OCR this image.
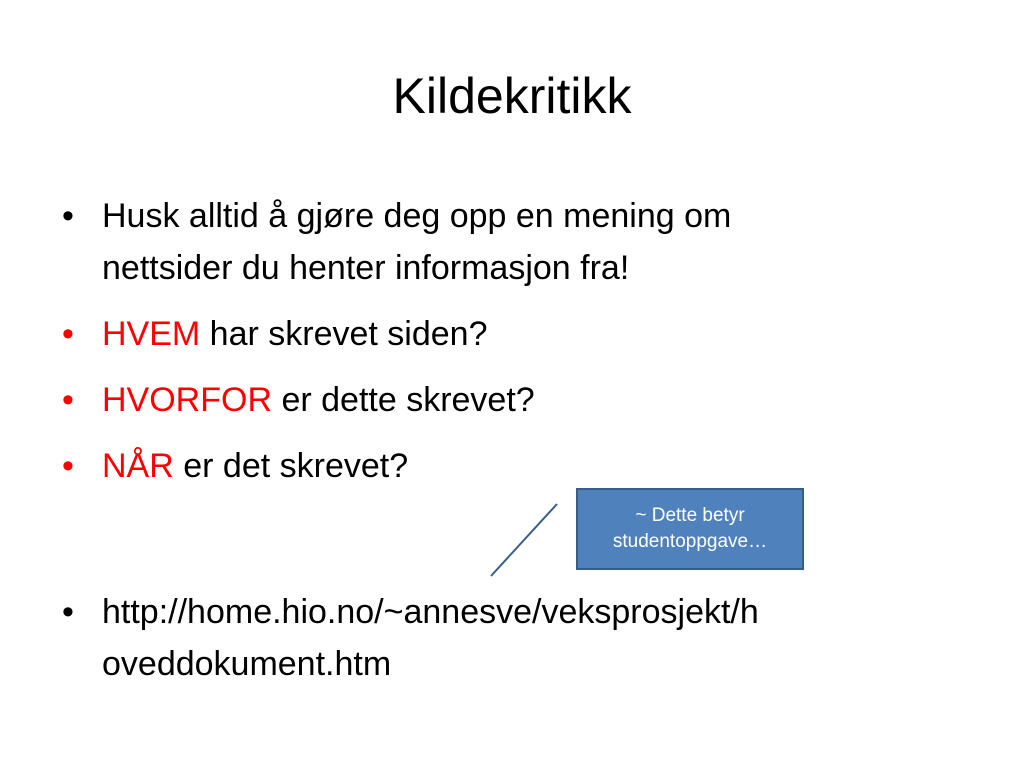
Kildekritikk
• Husk alltid å gjøre deg opp en mening om
nettsider du henter informasjon fra!
• HVEM har skrevet siden?
• HVORFOR er dette skrevet?
• NÅR er det skrevet?
• http://home.hio.no/~annesve/veksprosjekt/h
oveddokument.htm
~ Dette betyr
studentoppgave…
